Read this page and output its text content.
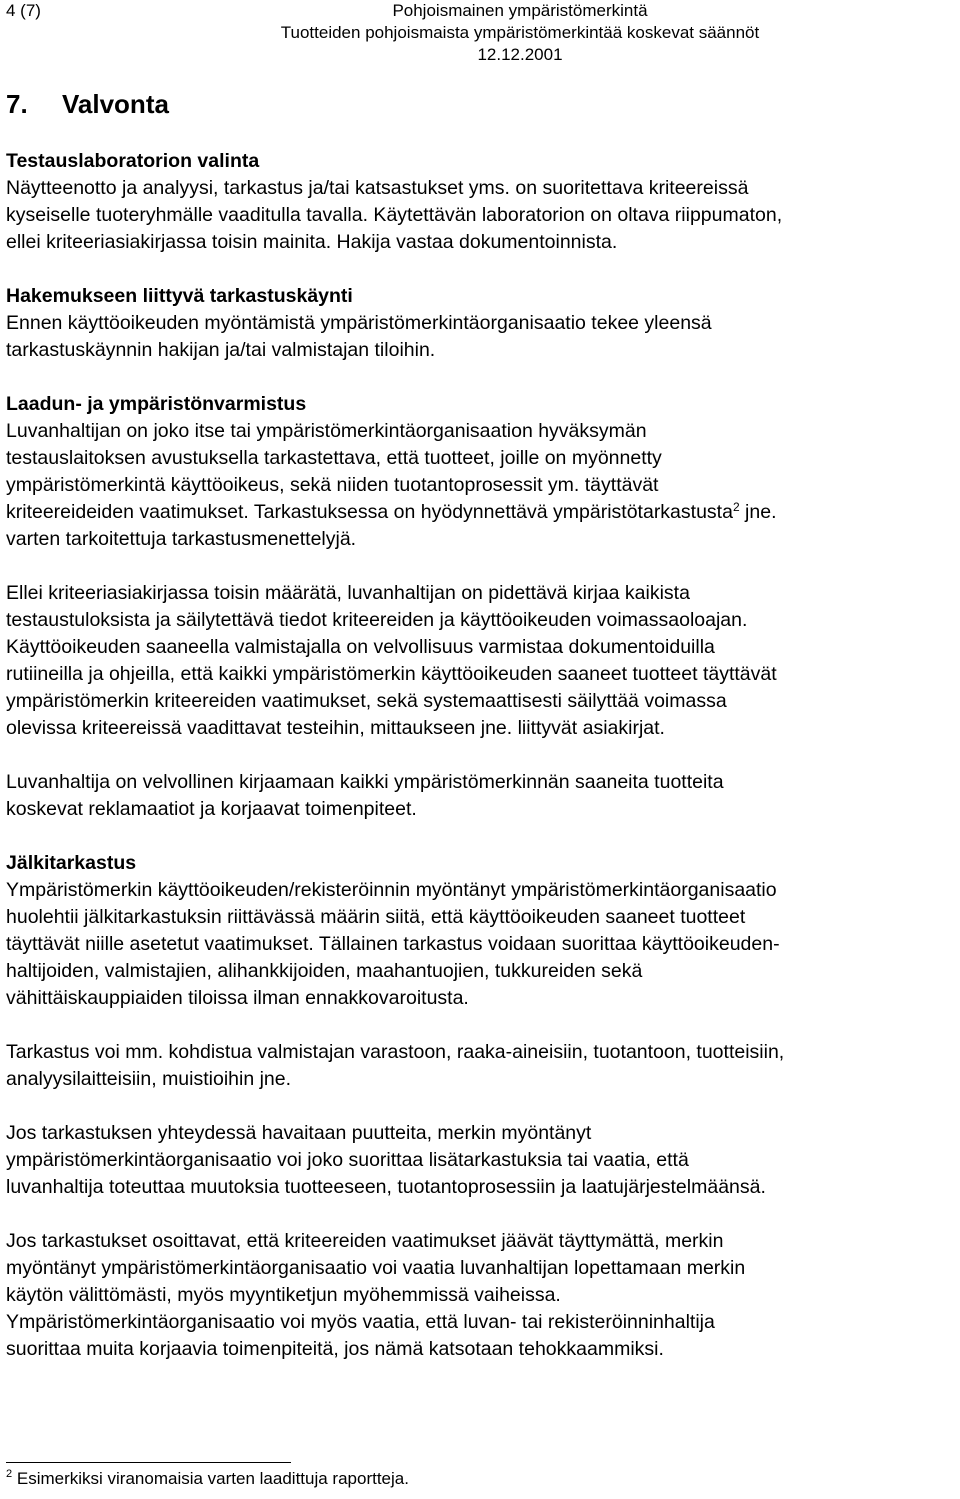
4 (7)	Pohjoismainen ympäristömerkintä
Tuotteiden pohjoismaista ympäristömerkintää koskevat säännöt
12.12.2001
7. Valvonta
Testauslaboratorion valinta
Näytteenotto ja analyysi, tarkastus ja/tai katsastukset yms. on suoritettava kriteereissä
kyseiselle tuoteryhmälle vaaditulla tavalla. Käytettävän laboratorion on oltava riippumaton,
ellei kriteeriasiakirjassa toisin mainita. Hakija vastaa dokumentoinnista.
Hakemukseen liittyvä tarkastuskäynti
Ennen käyttöoikeuden myöntämistä ympäristömerkintäorganisaatio tekee yleensä
tarkastuskäynnin hakijan ja/tai valmistajan tiloihin.
Laadun- ja ympäristönvarmistus
Luvanhaltijan on joko itse tai ympäristömerkintäorganisaation hyväksymän
testauslaitoksen avustuksella tarkastettava, että tuotteet, joille on myönnetty
ympäristömerkintä käyttöoikeus, sekä niiden tuotantoprosessit ym. täyttävät
kriteereideiden vaatimukset. Tarkastuksessa on hyödynnettävä ympäristötarkastusta$^2$ jne.
varten tarkoitettuja tarkastusmenettelyjä.
Ellei kriteeriasiakirjassa toisin määrätä, luvanhaltijan on pidettävä kirjaa kaikista
testaustuloksista ja säilytettävä tiedot kriteereiden ja käyttöoikeuden voimassaoloajan.
Käyttöoikeuden saaneella valmistajalla on velvollisuus varmistaa dokumentoiduilla
rutiineilla ja ohjeilla, että kaikki ympäristömerkin käyttöoikeuden saaneet tuotteet täyttävät
ympäristömerkin kriteereiden vaatimukset, sekä systemaattisesti säilyttää voimassa
olevissa kriteereissä vaadittavat testeihin, mittaukseen jne. liittyvät asiakirjat.
Luvanhaltija on velvollinen kirjaamaan kaikki ympäristömerkinnän saaneita tuotteita
koskevat reklamaatiot ja korjaavat toimenpiteet.
Jälkitarkastus
Ympäristömerkin käyttöoikeuden/rekisteröinnin myöntänyt ympäristömerkintäorganisaatio
huolehtii jälkitarkastuksin riittävässä määrin siitä, että käyttöoikeuden saaneet tuotteet
täyttävät niille asetetut vaatimukset. Tällainen tarkastus voidaan suorittaa käyttöoikeuden-
haltijoiden, valmistajien, alihankkijoiden, maahantuojien, tukkureiden sekä
vähittäiskauppiaiden tiloissa ilman ennakkovaroitusta.
Tarkastus voi mm. kohdistua valmistajan varastoon, raaka-aineisiin, tuotantoon, tuotteisiin,
analyysilaitteisiin, muistioihin jne.
Jos tarkastuksen yhteydessä havaitaan puutteita, merkin myöntänyt
ympäristömerkintäorganisaatio voi joko suorittaa lisätarkastuksia tai vaatia, että
luvanhaltija toteuttaa muutoksia tuotteeseen, tuotantoprosessiin ja laatujärjestelmäänsä.
Jos tarkastukset osoittavat, että kriteereiden vaatimukset jäävät täyttymättä, merkin
myöntänyt ympäristömerkintäorganisaatio voi vaatia luvanhaltijan lopettamaan merkin
käytön välittömästi, myös myyntiketjun myöhemmissä vaiheissa.
Ympäristömerkintäorganisaatio voi myös vaatia, että luvan- tai rekisteröinninhaltija
suorittaa muita korjaavia toimenpiteitä, jos nämä katsotaan tehokkaammiksi.
$^2$ Esimerkiksi viranomaisia varten laadittuja raportteja.
